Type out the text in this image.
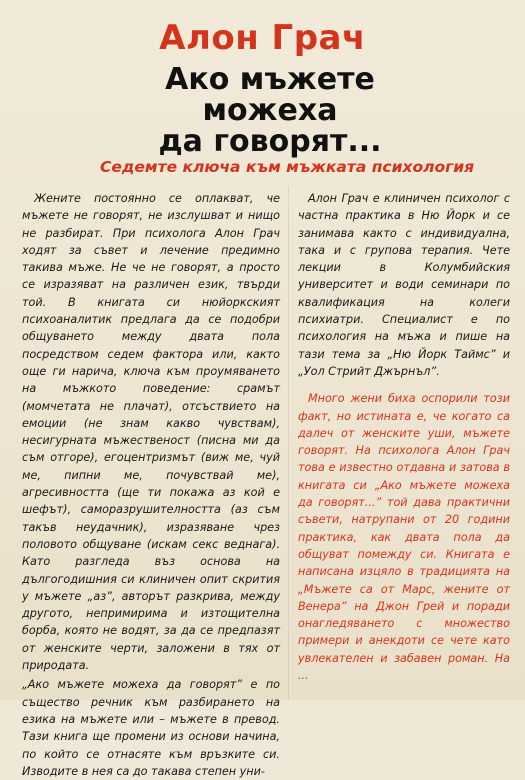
Алон Грач
Ако мъжете
можеха
да говорят...
Седемте ключа към мъжката психология
Жените постоянно се оплакват, че мъжете не говорят, не изслушват и нищо не разбират. При психолога Алон Грач ходят за съвет и лечение предимно такива мъже. Не че не говорят, а просто се изразяват на различен език, твърди той. В книгата си нюйоркският психоаналитик предлага да се подобри общуването между двата пола посредством седем фактора или, както още ги нарича, ключа към проумяването на мъжкото поведение: срамът (момчетата не плачат), отсъствието на емоции (не знам какво чувствам), несигурната мъжественост (писна ми да съм отгоре), егоцентризмът (виж ме, чуй ме, пипни ме, почувствай ме), агресивността (ще ти покажа аз кой е шефът), саморазрушителността (аз съм такъв неудачник), изразяване чрез половото общуване (искам секс веднага). Като разгледа въз основа на дългогодишния си клиничен опит скрития у мъжете „аз”, авторът разкрива, между другото, непримирима и изтощителна борба, която не водят, за да се предпазят от женските черти, заложени в тях от природата.
„Ако мъжете можеха да говорят” е по същество речник към разбирането на езика на мъжете или – мъжете в превод. Тази книга ще промени из основи начина, по който се отнасяте към връзките си. Изводите в нея са до такава степен уни-
Алон Грач е клиничен психолог с частна практика в Ню Йорк и се занимава както с индивидуална, така и с групова терапия. Чете лекции в Колумбийския университет и води семинари по квалификация на колеги психиатри. Специалист е по психология на мъжа и пише на тази тема за „Ню Йорк Таймс” и „Уол Стрийт Джърнъл”.
Много жени биха оспорили този факт, но истината е, че когато са далеч от женските уши, мъжете говорят. На психолога Алон Грач това е известно отдавна и затова в книгата си „Ако мъжете можеха да говорят...” той дава практични съвети, натрупани от 20 години практика, как двата пола да общуват помежду си. Книгата е написана изцяло в традицията на „Мъжете са от Марс, жените от Венера” на Джон Грей и поради онагледяването с множество примери и анекдоти се чете като увлекателен и забавен роман. На ...
